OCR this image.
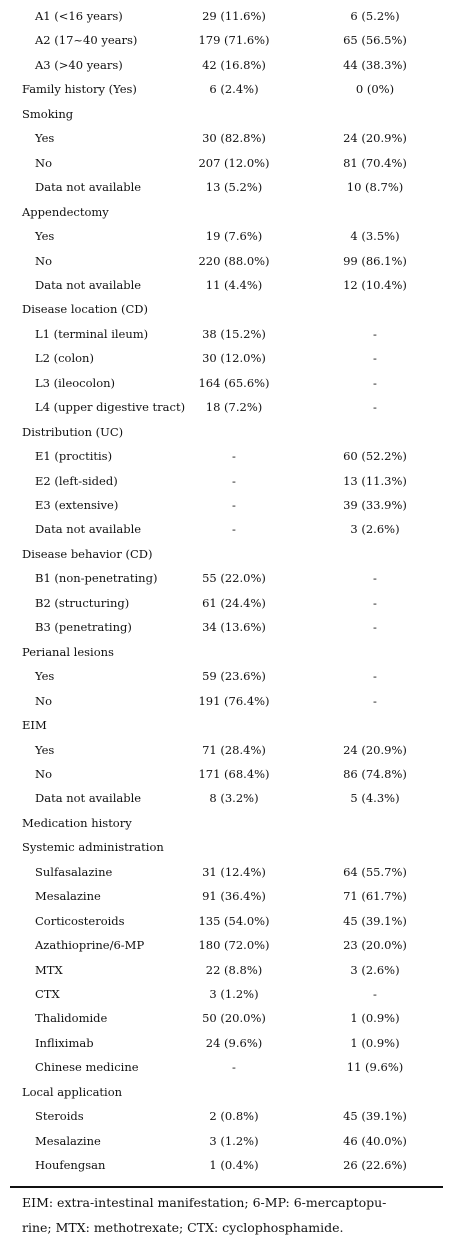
A1 (<16 years)	29 (11.6%)	6 (5.2%)
A2 (17~40 years)	179 (71.6%)	65 (56.5%)
A3 (>40 years)	42 (16.8%)	44 (38.3%)
Family history (Yes)	6 (2.4%)	0 (0%)
Smoking
Yes	30 (82.8%)	24 (20.9%)
No	207 (12.0%)	81 (70.4%)
Data not available	13 (5.2%)	10 (8.7%)
Appendectomy
Yes	19 (7.6%)	4 (3.5%)
No	220 (88.0%)	99 (86.1%)
Data not available	11 (4.4%)	12 (10.4%)
Disease location (CD)
L1 (terminal ileum)	38 (15.2%)	-
L2 (colon)	30 (12.0%)	-
L3 (ileocolon)	164 (65.6%)	-
L4 (upper digestive tract)	18 (7.2%)	-
Distribution (UC)
E1 (proctitis)	-	60 (52.2%)
E2 (left-sided)	-	13 (11.3%)
E3 (extensive)	-	39 (33.9%)
Data not available	-	3 (2.6%)
Disease behavior (CD)
B1 (non-penetrating)	55 (22.0%)	-
B2 (structuring)	61 (24.4%)	-
B3 (penetrating)	34 (13.6%)	-
Perianal lesions
Yes	59 (23.6%)	-
No	191 (76.4%)	-
EIM
Yes	71 (28.4%)	24 (20.9%)
No	171 (68.4%)	86 (74.8%)
Data not available	8 (3.2%)	5 (4.3%)
Medication history
Systemic administration
Sulfasalazine	31 (12.4%)	64 (55.7%)
Mesalazine	91 (36.4%)	71 (61.7%)
Corticosteroids	135 (54.0%)	45 (39.1%)
Azathioprine/6-MP	180 (72.0%)	23 (20.0%)
MTX	22 (8.8%)	3 (2.6%)
CTX	3 (1.2%)	-
Thalidomide	50 (20.0%)	1 (0.9%)
Infliximab	24 (9.6%)	1 (0.9%)
Chinese medicine	-	11 (9.6%)
Local application
Steroids	2 (0.8%)	45 (39.1%)
Mesalazine	3 (1.2%)	46 (40.0%)
Houfengsan	1 (0.4%)	26 (22.6%)
EIM: extra-intestinal manifestation; 6-MP: 6-mercaptopu-
rine; MTX: methotrexate; CTX: cyclophosphamide.
